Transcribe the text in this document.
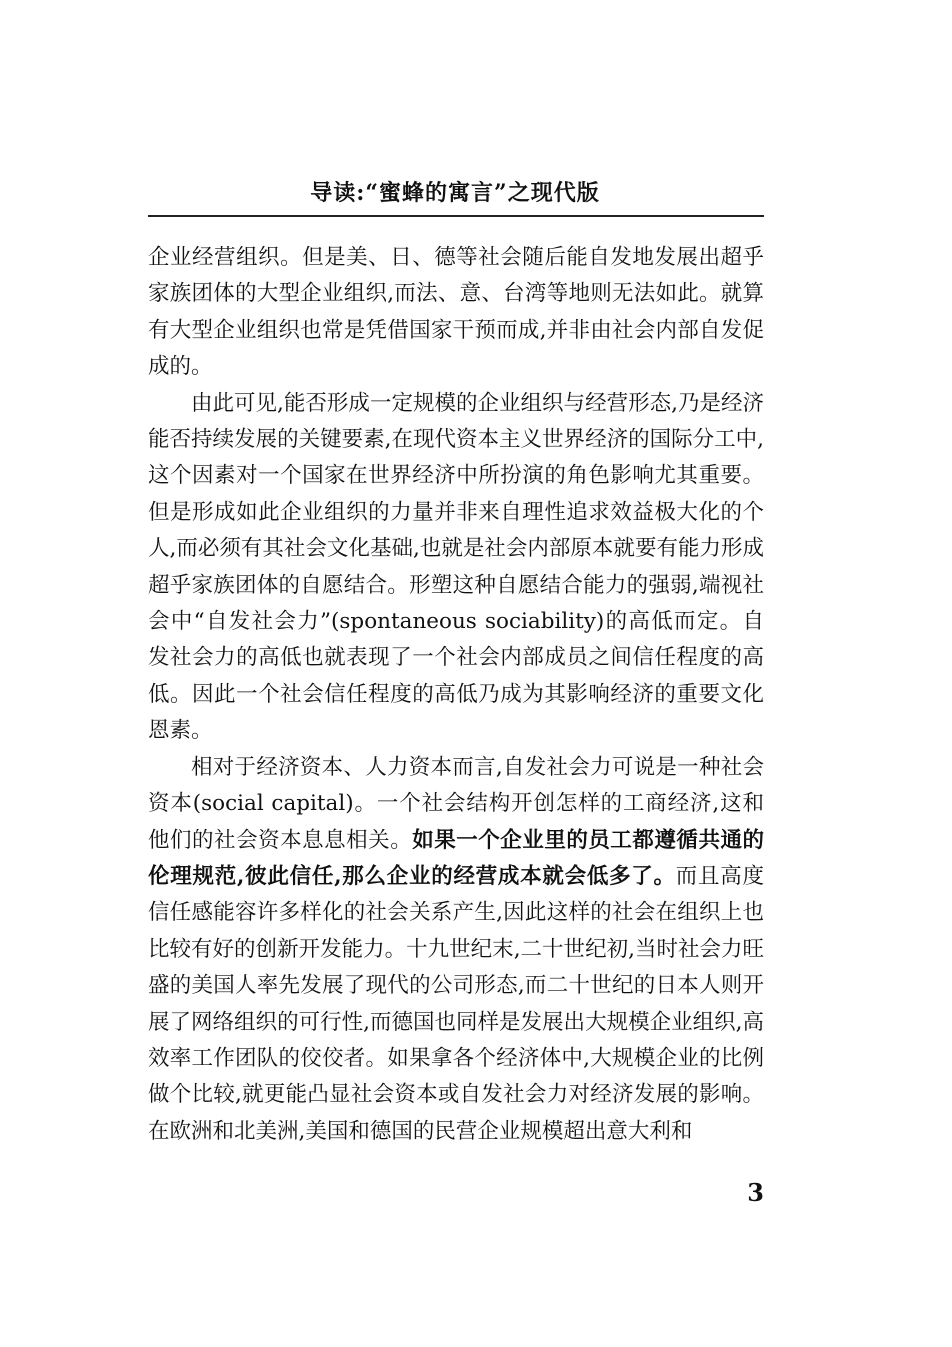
导读:“蜜蜂的寓言”之现代版

企业经营组织。但是美、日、德等社会随后能自发地发展出超乎家族团体的大型企业组织,而法、意、台湾等地则无法如此。就算有大型企业组织也常是凭借国家干预而成,并非由社会内部自发促成的。

由此可见,能否形成一定规模的企业组织与经营形态,乃是经济能否持续发展的关键要素,在现代资本主义世界经济的国际分工中,这个因素对一个国家在世界经济中所扮演的角色影响尤其重要。但是形成如此企业组织的力量并非来自理性追求效益极大化的个人,而必须有其社会文化基础,也就是社会内部原本就要有能力形成超乎家族团体的自愿结合。形塑这种自愿结合能力的强弱,端视社会中“自发社会力”(spontaneous sociability)的高低而定。自发社会力的高低也就表现了一个社会内部成员之间信任程度的高低。因此一个社会信任程度的高低乃成为其影响经济的重要文化恩素。

相对于经济资本、人力资本而言,自发社会力可说是一种社会资本(social capital)。一个社会结构开创怎样的工商经济,这和他们的社会资本息息相关。如果一个企业里的员工都遵循共通的伦理规范,彼此信任,那么企业的经营成本就会低多了。而且高度信任感能容许多样化的社会关系产生,因此这样的社会在组织上也比较有好的创新开发能力。十九世纪末,二十世纪初,当时社会力旺盛的美国人率先发展了现代的公司形态,而二十世纪的日本人则开展了网络组织的可行性,而德国也同样是发展出大规模企业组织,高效率工作团队的佼佼者。如果拿各个经济体中,大规模企业的比例做个比较,就更能凸显社会资本或自发社会力对经济发展的影响。在欧洲和北美洲,美国和德国的民营企业规模超出意大利和

3
